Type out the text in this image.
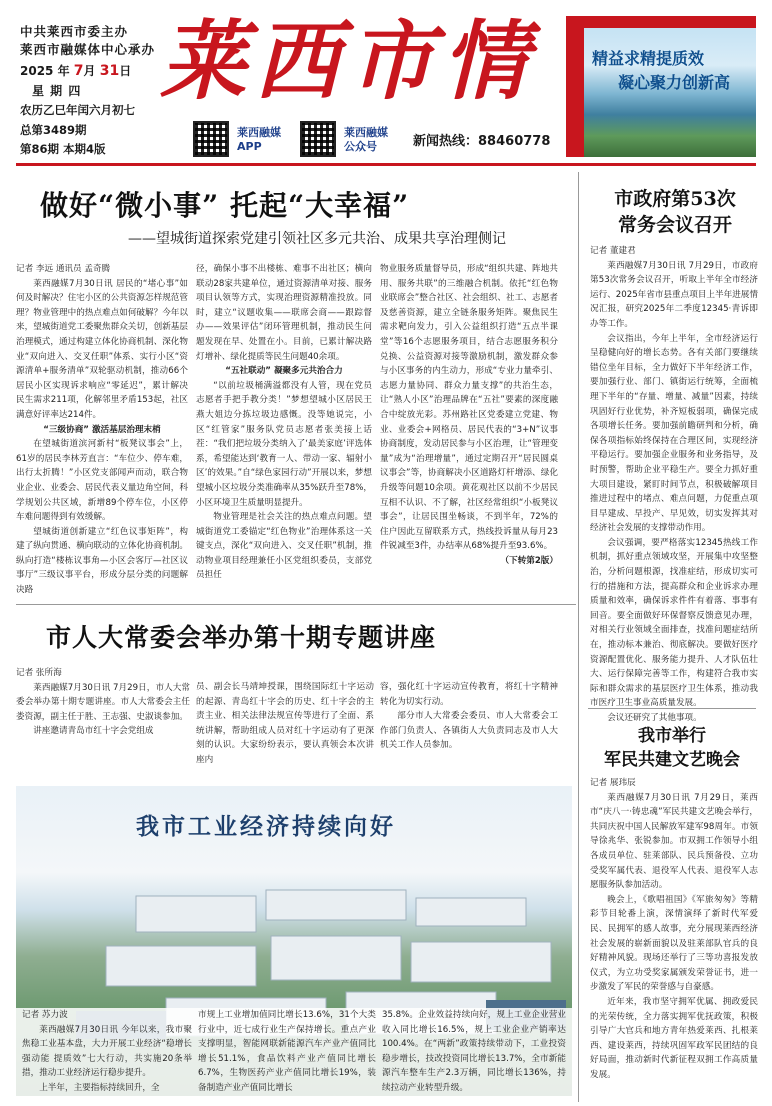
中共莱西市委主办
莱西市融媒体中心承办
2025 年 7月 31日
星 期 四
农历乙巳年闰六月初七
总第3489期
第86期 本期4版
莱西市情
莱西融媒
APP
莱西融媒
公众号	新闻热线：88460778
精益求精提质效
凝心聚力创新高
做好“微小事” 托起“大幸福”
——望城街道探索党建引领社区多元共治、成果共享治理侧记

记者 李远 通讯员 孟奇腾

莱西融媒7月30日讯 居民的“堵心事”如何及时解决？住宅小区的公共资源怎样规范管理？物业管理中的热点难点如何破解？今年以来，望城街道党工委聚焦群众关切，创新基层治理模式，通过构建立体化协商机制、深化物业“双向进入、交叉任职”体系、实行小区“资源清单+服务清单”双轮驱动机制，推动66个居民小区实现诉求响应“零延迟”，累计解决民生需求211项，化解邻里矛盾153起，社区满意好评率达214件。

“三级协商” 激活基层治理末梢

在望城街道滨河新村“板凳议事会”上，61岁的居民李林芳直言：“车位少、停车难，出行太折腾！”小区党支部闻声而动，联合物业企业、业委会、居民代表义量边角空间，科学规划公共区域，新增89个停车位，小区停车难问题得到有效缓解。

望城街道创新建立“红色议事矩阵”，构建了纵向贯通、横向联动的立体化协商机制。纵向打造“楼栋议事角—小区会客厅—社区议事厅”三级议事平台，形成分层分类的问题解决路

径，确保小事不出楼栋、难事不出社区；横向联动28家共建单位，通过资源清单对接、服务项目认领等方式，实现治理资源精准投放。同时，建立“议题收集——联席会商——跟踪督办——效果评估”闭环管理机制，推动民生问题发现在早、处置在小。目前，已累计解决路灯增补、绿化提质等民生问题40余项。

“五社联动” 凝聚多元共治合力

“以前垃圾桶满溢都没有人管，现在党员志愿者手把手教分类！”梦想望城小区居民王燕大姐边分拣垃圾边感慨。没等她说完，小区“红管家”服务队党员志愿者张美接上话茬：“我们把垃圾分类纳入了‘最美家庭’评选体系，希望能达到‘教育一人、带动一家、辐射小区’的效果。”自“绿色家园行动”开展以来，梦想望城小区垃圾分类准确率从35%跃升至78%，小区环境卫生质量明显提升。

物业管理是社会关注的热点难点问题。望城街道党工委锚定“红色物业”治理体系这一关键支点，深化“双向进入、交叉任职”机制，推动物业项目经理兼任小区党组织委员，支部党员担任

物业服务质量督导员，形成“组织共建、阵地共用、服务共联”的三维融合机制。依托“红色物业联席会”整合社区、社会组织、社工、志愿者及慈善资源，建立全链条服务矩阵。聚焦民生需求靶向发力，引入公益组织打造“五点半课堂”等16个志愿服务项目，结合志愿服务积分兑换、公益资源对接等激励机制，激发群众参与小区事务的内生动力，形成“专业力量牵引、志愿力量协同、群众力量支撑”的共治生态，让“熟人小区”治理品牌在“五社”要素的深度融合中绽放光彩。苏州路社区党委建立党建、物业、业委会+网格员、居民代表的“3+N”议事协商制度，发动居民参与小区治理，让“管理变量”成为“治理增量”，通过定期召开“居民圆桌议事会”等，协商解决小区道路灯杆增添、绿化升级等问题10余项。黄花观社区以前不少居民互相不认识、不了解，社区经常组织“小板凳议事会”，让居民围坐畅谈，不到半年，72%的住户因此互留联系方式，热线投诉量从每月23件锐减至3件，办结率从68%提升至93.6%。

（下转第2版）

市政府第53次
常务会议召开

记者 董建君

莱西融媒7月30日讯 7月29日，市政府第53次常务会议召开，听取上半年全市经济运行、2025年省市县重点项目上半年进展情况汇报，研究2025年二季度12345·青诉即办等工作。

会议指出，今年上半年，全市经济运行呈稳健向好的增长态势。各有关部门要继续错位坐年目标，全力做好下半年经济工作，要加强行业、部门、镇街运行统筹，全面梳理下半年的“存量、增量、减量”因素，持续巩固好行业优势，补齐短板弱项，确保完成各项增长任务。要加强前瞻研判和分析，确保各项指标始终保持在合理区间，实现经济平稳运行。要加强企业服务和业务指导，及时预警，帮助企业平稳生产。要全力抓好重大项目建设，紧盯时间节点，积极破解项目推进过程中的堵点、难点问题，力促重点项目早建成、早投产、早见效，切实发挥其对经济社会发展的支撑带动作用。

会议强调，要严格落实12345热线工作机制，抓好重点领域攻坚，开展集中攻坚整治，分析问题根源，找准症结，形成切实可行的措施和方法，提高群众和企业诉求办理质量和效率，确保诉求件件有着落、事事有回音。要全面做好环保督察反馈意见办理，对相关行业领域全面排查，找准问题症结所在，推动标本兼治、彻底解决。要做好医疗资源配置优化、服务能力提升、人才队伍壮大、运行保障完善等工作，构建符合我市实际和群众需求的基层医疗卫生体系，推动我市医疗卫生事业高质量发展。

会议还研究了其他事项。

市人大常委会举办第十期专题讲座

记者 张所海

莱西融媒7月30日讯 7月29日，市人大常委会举办第十期专题讲座。市人大常委会主任娄资源，副主任于胜、王志强、史淑谈参加。

讲座邀请青岛市红十字会党组成

员、副会长马靖坤授课，围绕国际红十字运动的起源、青岛红十字会的历史、红十字会的主责主业、相关法律法规宣传等进行了全面、系统讲解，帮助组成人员对红十字运动有了更深刻的认识。大家纷纷表示，要认真领会本次讲座内

容，强化红十字运动宣传教育，将红十字精神转化为切实行动。

部分市人大常委会委员、市人大常委会工作部门负责人、各镇街人大负责同志及市人大机关工作人员参加。

我市工业经济持续向好

记者 苏力波

莱西融媒7月30日讯 今年以来，我市聚焦稳工业基本盘，大力开展工业经济“稳增长 强动能 提质效”七大行动，共实施20条举措，推动工业经济运行稳步提升。

上半年，主要指标持续回升，全

市规上工业增加值同比增长13.6%，31个大类行业中，近七成行业生产保持增长。重点产业支撑明显，智能网联新能源汽车产业产值同比增长51.1%，食品饮料产业产值同比增长6.7%，生物医药产业产值同比增长19%，装备制造产业产值同比增长

35.8%。企业效益持续向好，规上工业企业营业收入同比增长16.5%，规上工业企业产销率达100.4%。在“两新”政策持续带动下，工业投资稳步增长，技改投资同比增长13.7%，全市新能源汽车整车生产2.3万辆，同比增长136%，持续拉动产业转型升级。

我市举行
军民共建文艺晚会

记者 展玮辰

莱西融媒7月30日讯 7月29日，莱西市“庆八一·铸忠魂”军民共建文艺晚会举行，共同庆祝中国人民解放军建军98周年。市领导徐兆华、张锐参加。市双拥工作领导小组各成员单位、驻莱部队、民兵预备役、立功受奖军属代表、退役军人代表、退役军人志愿服务队参加活动。

晚会上，《歌唱祖国》《军旅匆匆》等精彩节目轮番上演，深情演绎了新时代军爱民、民拥军的感人故事，充分展现莱西经济社会发展的崭新面貌以及驻莱部队官兵的良好精神风貌。现场还举行了三等功喜报发放仪式，为立功受奖家属颁发荣誉证书，进一步激发了军民的荣誉感与自豪感。

近年来，我市坚守拥军优属、拥政爱民的光荣传统，全力落实拥军优抚政策，积极引导广大官兵和地方青年热爱莱西、扎根莱西、建设莱西，持续巩固军政军民团结的良好局面，推动新时代新征程双拥工作高质量发展。
